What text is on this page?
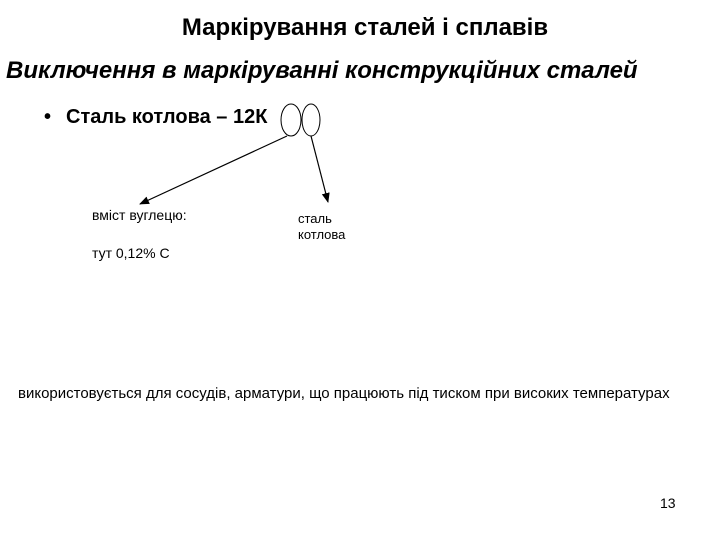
Маркірування сталей і сплавів
Виключення в маркіруванні конструкційних сталей
• Сталь котлова – 12К
вміст вуглецю:
тут 0,12% С
сталь
котлова
використовується для сосудів, арматури, що працюють під тиском при високих температурах
13
